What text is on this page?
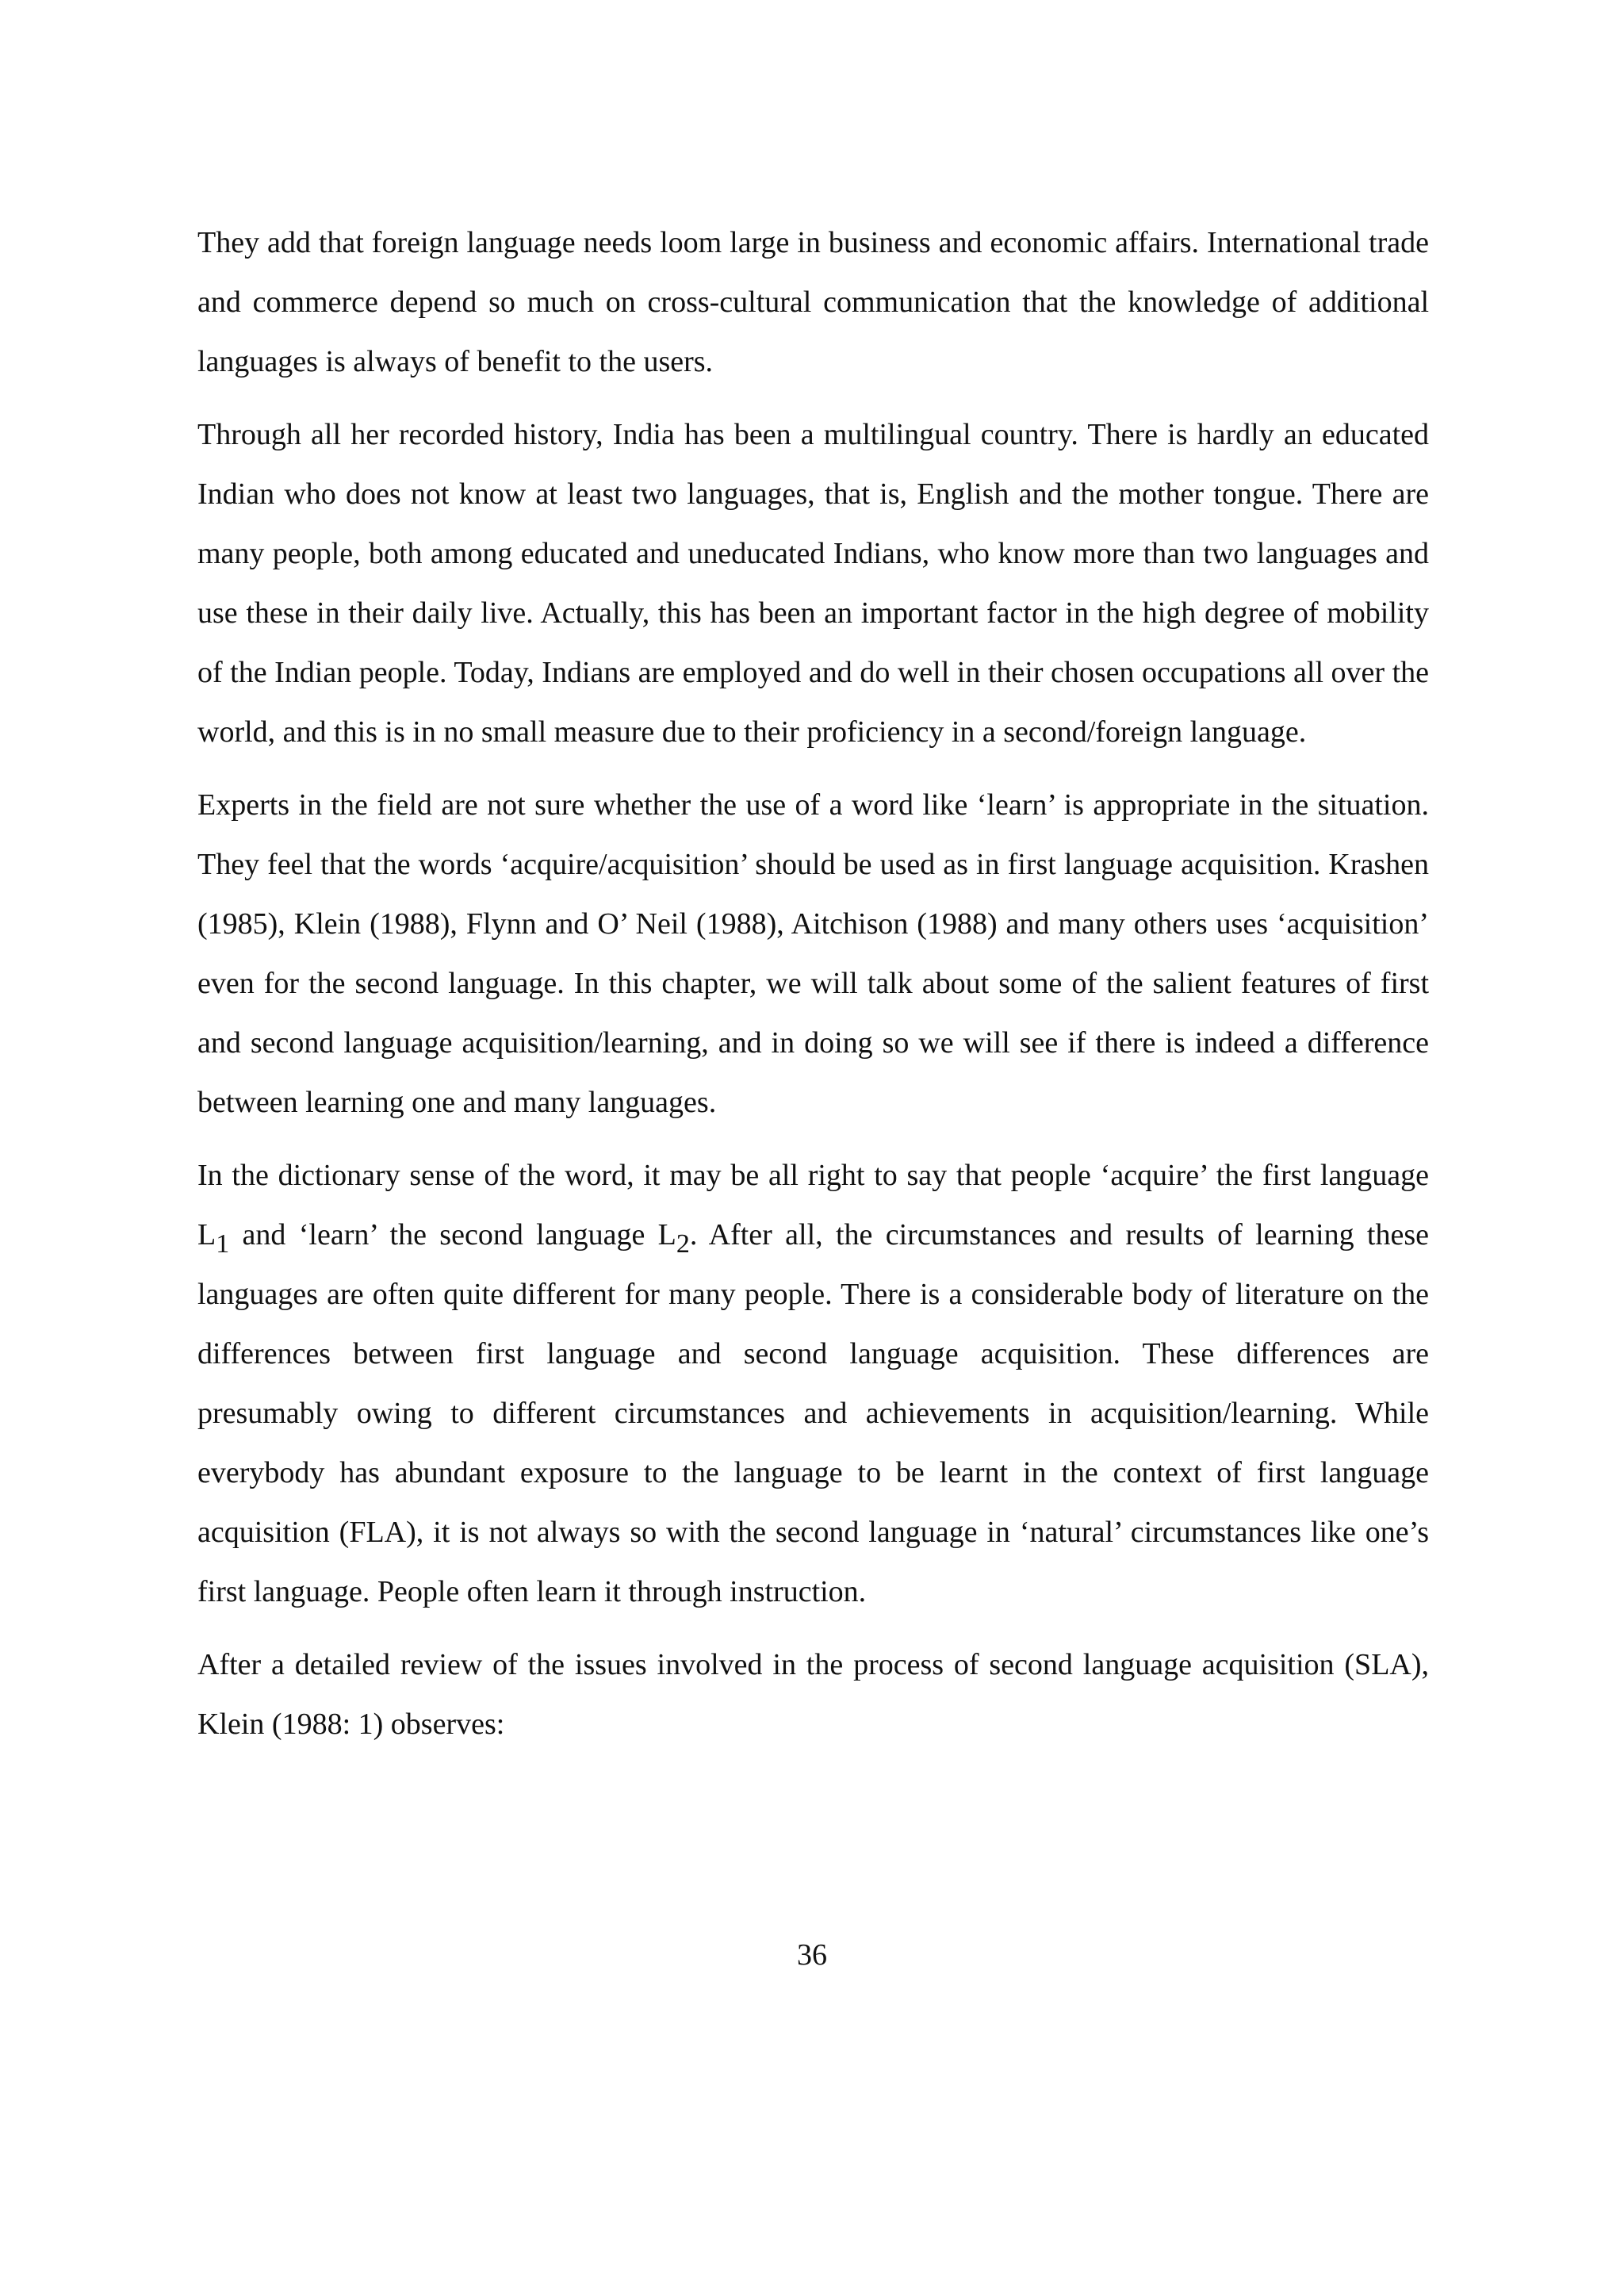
They add that foreign language needs loom large in business and economic affairs. International trade and commerce depend so much on cross-cultural communication that the knowledge of additional languages is always of benefit to the users.

Through all her recorded history, India has been a multilingual country. There is hardly an educated Indian who does not know at least two languages, that is, English and the mother tongue. There are many people, both among educated and uneducated Indians, who know more than two languages and use these in their daily live. Actually, this has been an important factor in the high degree of mobility of the Indian people. Today, Indians are employed and do well in their chosen occupations all over the world, and this is in no small measure due to their proficiency in a second/foreign language.

Experts in the field are not sure whether the use of a word like ‘learn’ is appropriate in the situation. They feel that the words ‘acquire/acquisition’ should be used as in first language acquisition. Krashen (1985), Klein (1988), Flynn and O’ Neil (1988), Aitchison (1988) and many others uses ‘acquisition’ even for the second language. In this chapter, we will talk about some of the salient features of first and second language acquisition/learning, and in doing so we will see if there is indeed a difference between learning one and many languages.

In the dictionary sense of the word, it may be all right to say that people ‘acquire’ the first language $L_1$ and ‘learn’ the second language $L_2$. After all, the circumstances and results of learning these languages are often quite different for many people. There is a considerable body of literature on the differences between first language and second language acquisition. These differences are presumably owing to different circumstances and achievements in acquisition/learning. While everybody has abundant exposure to the language to be learnt in the context of first language acquisition (FLA), it is not always so with the second language in ‘natural’ circumstances like one’s first language. People often learn it through instruction.

After a detailed review of the issues involved in the process of second language acquisition (SLA), Klein (1988: 1) observes:

36
